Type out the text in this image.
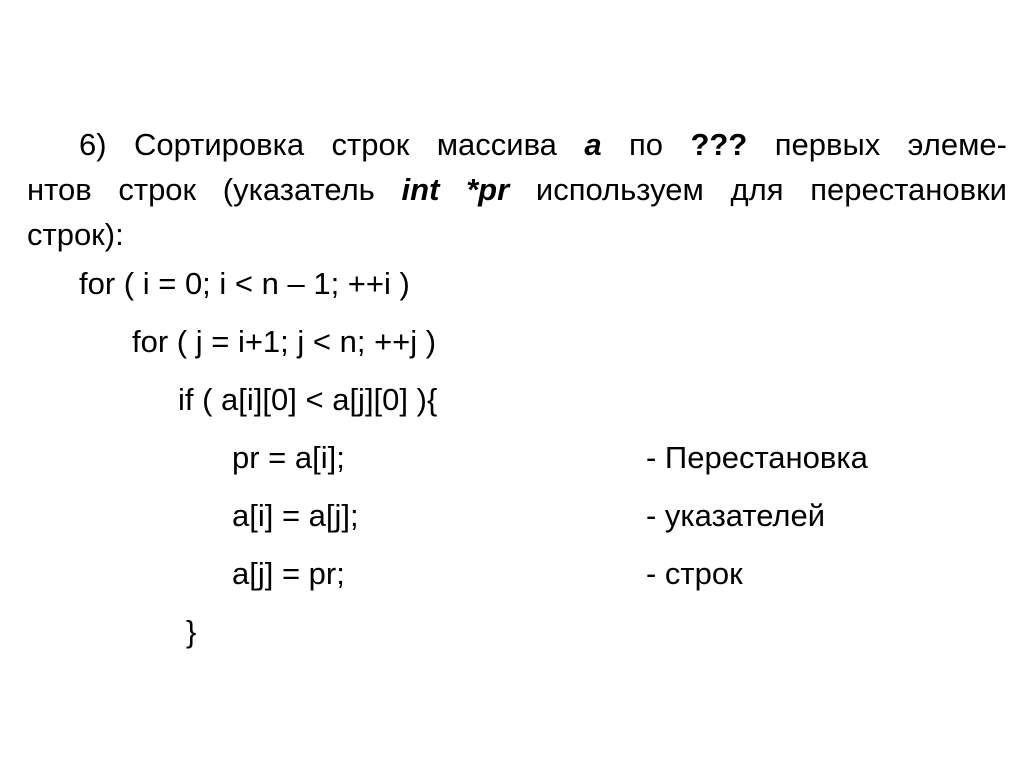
6) Сортировка строк массива a по ??? первых элеме-
нтов строк (указатель int *pr используем для перестановки
строк):
for ( i = 0; i < n – 1; ++i )
for ( j = i+1; j < n; ++j )
if ( a[i][0] < a[j][0] ){
pr = a[i];
a[i] = a[j];
a[j] = pr;
}
- Перестановка
- указателей
- строк
